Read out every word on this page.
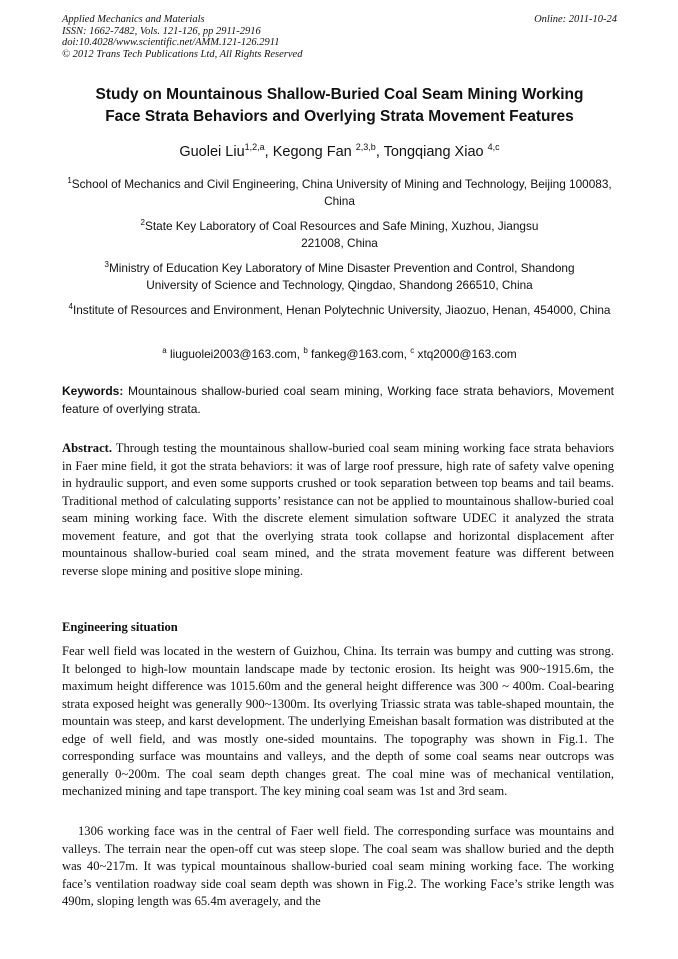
Applied Mechanics and Materials
ISSN: 1662-7482, Vols. 121-126, pp 2911-2916
doi:10.4028/www.scientific.net/AMM.121-126.2911
© 2012 Trans Tech Publications Ltd, All Rights Reserved
Online: 2011-10-24
Study on Mountainous Shallow-Buried Coal Seam Mining Working
Face Strata Behaviors and Overlying Strata Movement Features
Guolei Liu$^{1,2,a}$, Kegong Fan $^{2,3,b}$, Tongqiang Xiao $^{4,c}$
$^1$School of Mechanics and Civil Engineering, China University of Mining and Technology, Beijing 100083, China
$^2$State Key Laboratory of Coal Resources and Safe Mining, Xuzhou, Jiangsu 221008, China
$^3$Ministry of Education Key Laboratory of Mine Disaster Prevention and Control, Shandong University of Science and Technology, Qingdao, Shandong 266510, China
$^4$Institute of Resources and Environment, Henan Polytechnic University, Jiaozuo, Henan, 454000, China
$^a$ liuguolei2003@163.com, $^b$ fankeg@163.com, $^c$ xtq2000@163.com
Keywords: Mountainous shallow-buried coal seam mining, Working face strata behaviors, Movement feature of overlying strata.
Abstract. Through testing the mountainous shallow-buried coal seam mining working face strata behaviors in Faer mine field, it got the strata behaviors: it was of large roof pressure, high rate of safety valve opening in hydraulic support, and even some supports crushed or took separation between top beams and tail beams. Traditional method of calculating supports’ resistance can not be applied to mountainous shallow-buried coal seam mining working face. With the discrete element simulation software UDEC it analyzed the strata movement feature, and got that the overlying strata took collapse and horizontal displacement after mountainous shallow-buried coal seam mined, and the strata movement feature was different between reverse slope mining and positive slope mining.
Engineering situation
Fear well field was located in the western of Guizhou, China. Its terrain was bumpy and cutting was strong. It belonged to high-low mountain landscape made by tectonic erosion. Its height was 900~1915.6m, the maximum height difference was 1015.60m and the general height difference was 300 ~ 400m. Coal-bearing strata exposed height was generally 900~1300m. Its overlying Triassic strata was table-shaped mountain, the mountain was steep, and karst development. The underlying Emeishan basalt formation was distributed at the edge of well field, and was mostly one-sided mountains. The topography was shown in Fig.1. The corresponding surface was mountains and valleys, and the depth of some coal seams near outcrops was generally 0~200m. The coal seam depth changes great. The coal mine was of mechanical ventilation, mechanized mining and tape transport. The key mining coal seam was 1st and 3rd seam.
1306 working face was in the central of Faer well field. The corresponding surface was mountains and valleys. The terrain near the open-off cut was steep slope. The coal seam was shallow buried and the depth was 40~217m. It was typical mountainous shallow-buried coal seam mining working face. The working face’s ventilation roadway side coal seam depth was shown in Fig.2. The working Face’s strike length was 490m, sloping length was 65.4m averagely, and the
